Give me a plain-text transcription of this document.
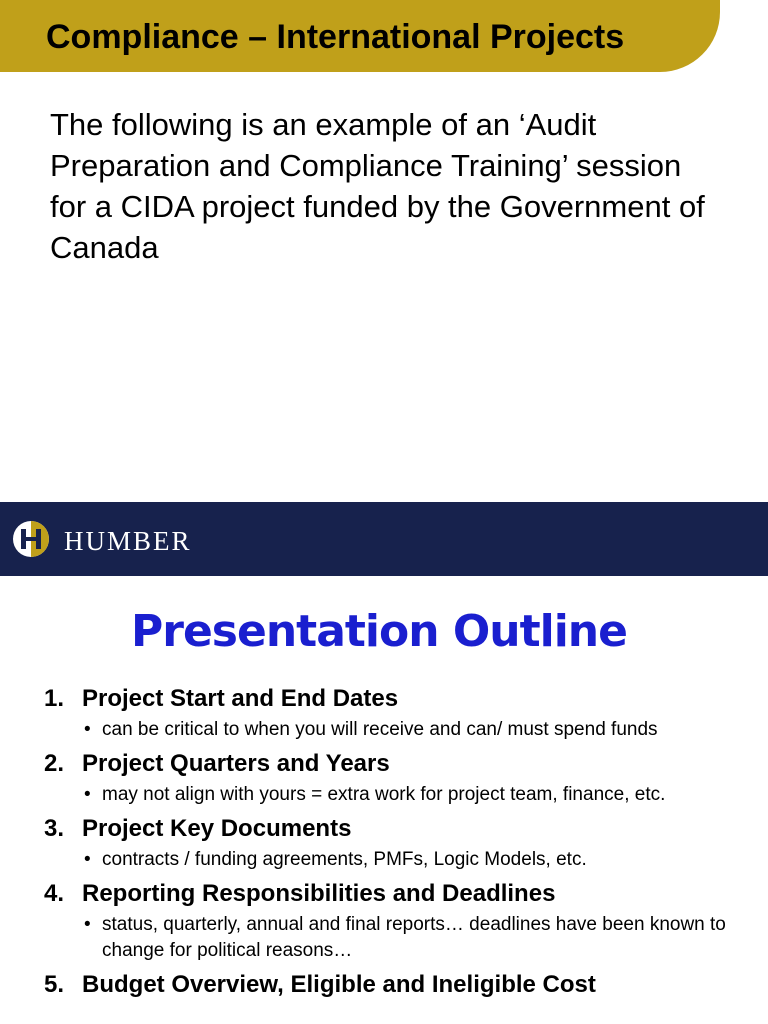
Compliance – International Projects
The following is an example of an ‘Audit Preparation and Compliance Training’ session for a CIDA project funded by the Government of Canada
HUMBER
Presentation Outline
1. Project Start and End Dates
• can be critical to when you will receive and can/ must spend funds
2. Project Quarters and Years
• may not align with yours = extra work for project team, finance, etc.
3. Project Key Documents
• contracts / funding agreements, PMFs, Logic Models, etc.
4. Reporting Responsibilities and Deadlines
• status, quarterly, annual and final reports… deadlines have been known to change for political reasons…
5. Budget Overview, Eligible and Ineligible Cost
